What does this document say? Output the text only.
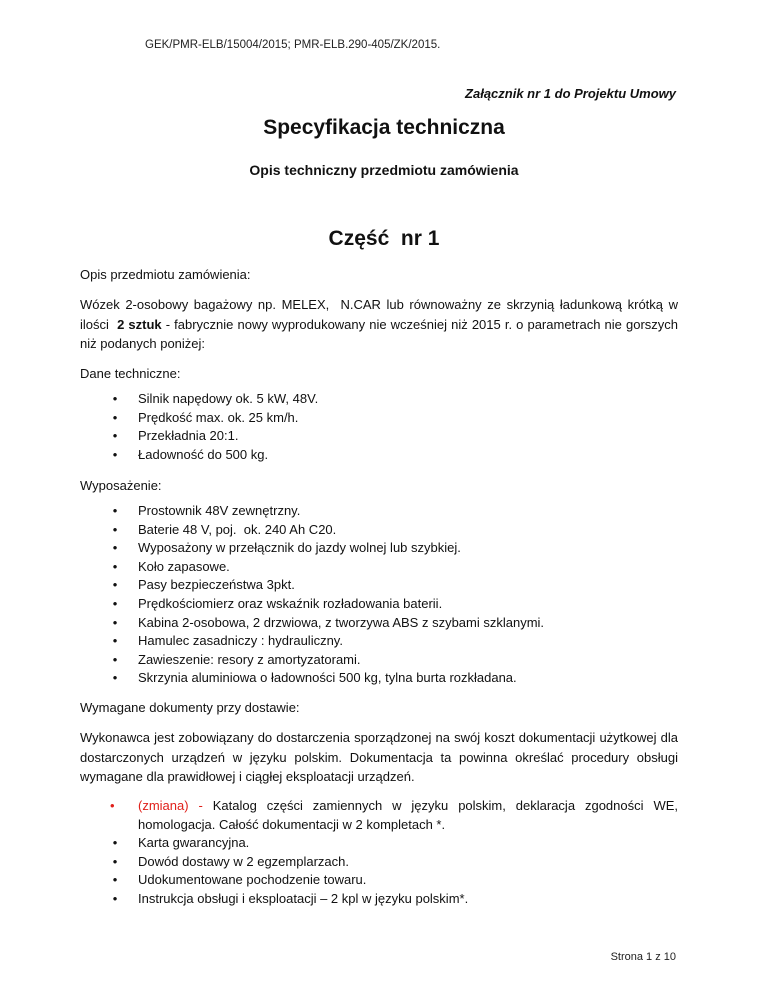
GEK/PMR-ELB/15004/2015; PMR-ELB.290-405/ZK/2015.
Załącznik nr 1 do Projektu Umowy
Specyfikacja techniczna
Opis techniczny przedmiotu zamówienia
Część  nr 1
Opis przedmiotu zamówienia:
Wózek 2-osobowy bagażowy np. MELEX,  N.CAR lub równoważny ze skrzynią ładunkową krótką w ilości  2 sztuk - fabrycznie nowy wyprodukowany nie wcześniej niż 2015 r. o parametrach nie gorszych niż podanych poniżej:
Dane techniczne:
• Silnik napędowy ok. 5 kW, 48V.
• Prędkość max. ok. 25 km/h.
• Przekładnia 20:1.
• Ładowność do 500 kg.
Wyposażenie:
• Prostownik 48V zewnętrzny.
• Baterie 48 V, poj.  ok. 240 Ah C20.
• Wyposażony w przełącznik do jazdy wolnej lub szybkiej.
• Koło zapasowe.
• Pasy bezpieczeństwa 3pkt.
• Prędkościomierz oraz wskaźnik rozładowania baterii.
• Kabina 2-osobowa, 2 drzwiowa, z tworzywa ABS z szybami szklanymi.
• Hamulec zasadniczy : hydrauliczny.
• Zawieszenie: resory z amortyzatorami.
• Skrzynia aluminiowa o ładowności 500 kg, tylna burta rozkładana.
Wymagane dokumenty przy dostawie:
Wykonawca jest zobowiązany do dostarczenia sporządzonej na swój koszt dokumentacji użytkowej dla dostarczonych urządzeń w języku polskim. Dokumentacja ta powinna określać procedury obsługi wymagane dla prawidłowej i ciągłej eksploatacji urządzeń.
•	(zmiana) - Katalog części zamiennych w języku polskim, deklaracja zgodności WE, homologacja. Całość dokumentacji w 2 kompletach *.
• Karta gwarancyjna.
• Dowód dostawy w 2 egzemplarzach.
• Udokumentowane pochodzenie towaru.
• Instrukcja obsługi i eksploatacji – 2 kpl w języku polskim*.
Strona 1 z 10
